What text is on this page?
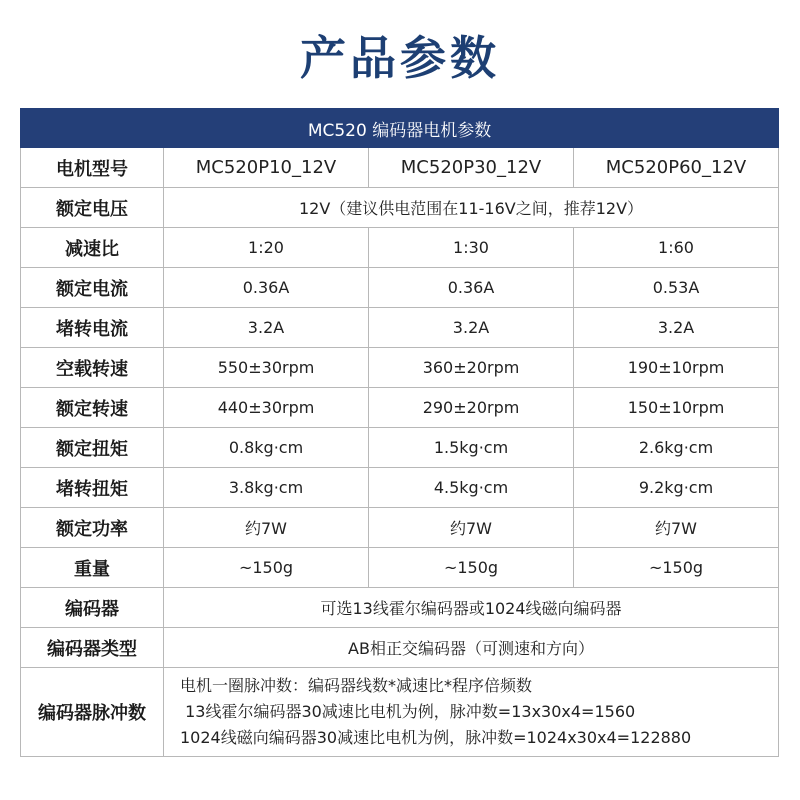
产品参数
MC520 编码器电机参数			
电机型号	MC520P10_12V	MC520P30_12V	MC520P60_12V
额定电压	12V（建议供电范围在11-16V之间，推荐12V）		
减速比	1:20	1:30	1:60
额定电流	0.36A	0.36A	0.53A
堵转电流	3.2A	3.2A	3.2A
空载转速	550±30rpm	360±20rpm	190±10rpm
额定转速	440±30rpm	290±20rpm	150±10rpm
额定扭矩	0.8kg·cm	1.5kg·cm	2.6kg·cm
堵转扭矩	3.8kg·cm	4.5kg·cm	9.2kg·cm
额定功率	约7W	约7W	约7W
重量	~150g	~150g	~150g
编码器	可选13线霍尔编码器或1024线磁向编码器		
编码器类型	AB相正交编码器（可测速和方向）		
编码器脉冲数	电机一圈脉冲数：编码器线数*减速比*程序倍频数
13线霍尔编码器30减速比电机为例，脉冲数=13x30x4=1560
1024线磁向编码器30减速比电机为例，脉冲数=1024x30x4=122880		
